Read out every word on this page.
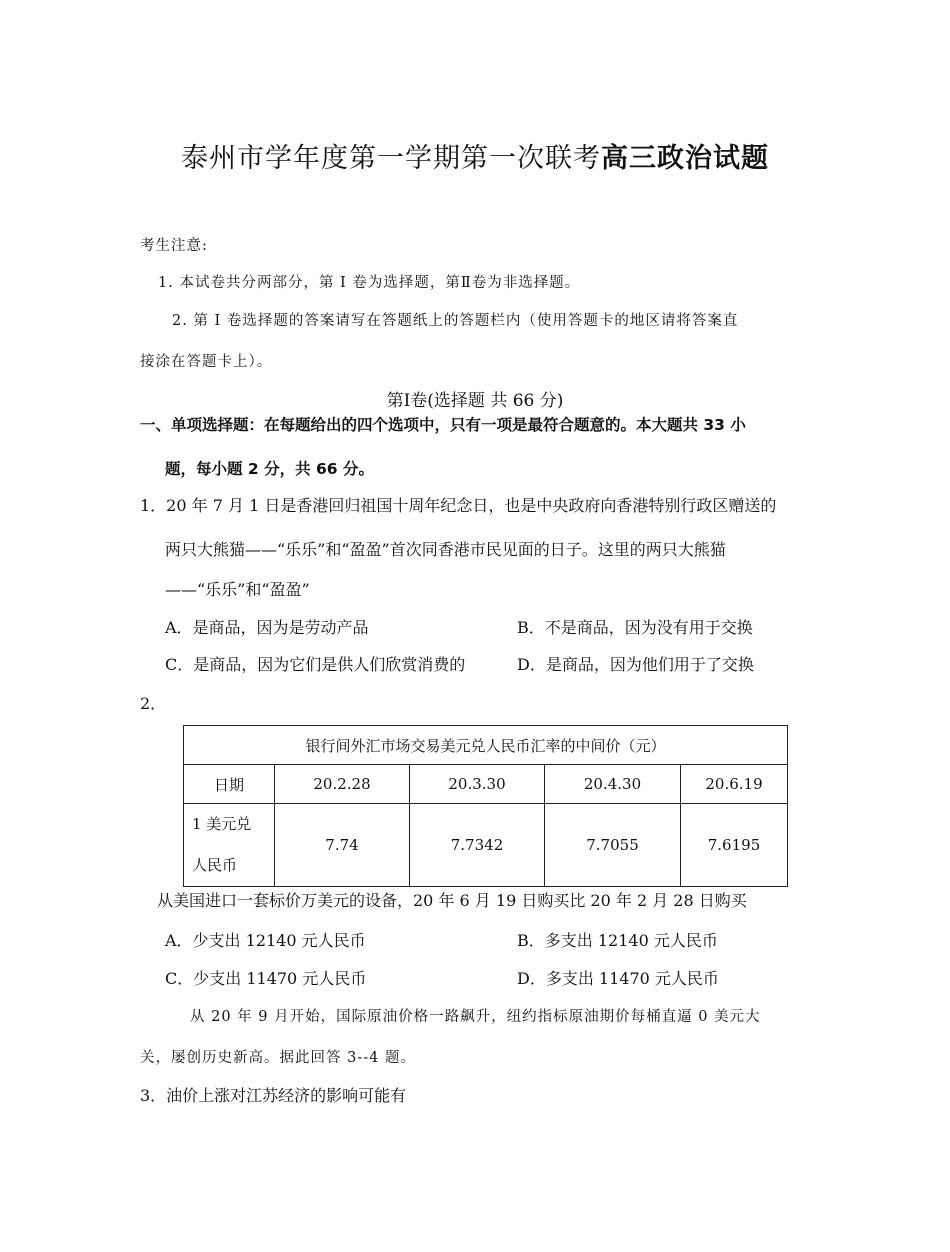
泰州市学年度第一学期第一次联考高三政治试题
考生注意:
1. 本试卷共分两部分，第 I 卷为选择题，第Ⅱ卷为非选择题。
2. 第 I 卷选择题的答案请写在答题纸上的答题栏内（使用答题卡的地区请将答案直
接涂在答题卡上）。
第Ⅰ卷(选择题 共 66 分)
一、单项选择题：在每题给出的四个选项中，只有一项是最符合题意的。本大题共 33 小
题，每小题 2 分，共 66 分。
1．20 年 7 月 1 日是香港回归祖国十周年纪念日，也是中央政府向香港特别行政区赠送的
两只大熊猫——“乐乐”和“盈盈”首次同香港市民见面的日子。这里的两只大熊猫
——“乐乐”和“盈盈”
A．是商品，因为是劳动产品	B．不是商品，因为没有用于交换
C．是商品，因为它们是供人们欣赏消费的	D．是商品，因为他们用于了交换
2．
银行间外汇市场交易美元兑人民币汇率的中间价（元）				
日期	20.2.28	20.3.30	20.4.30	20.6.19
1 美元兑
人民币	7.74	7.7342	7.7055	7.6195
从美国进口一套标价万美元的设备，20 年 6 月 19 日购买比 20 年 2 月 28 日购买
A．少支出 12140 元人民币	B．多支出 12140 元人民币
C．少支出 11470 元人民币	D．多支出 11470 元人民币
从 20 年 9 月开始，国际原油价格一路飙升，纽约指标原油期价每桶直逼 0 美元大
关，屡创历史新高。据此回答 3--4 题。
3．油价上涨对江苏经济的影响可能有
